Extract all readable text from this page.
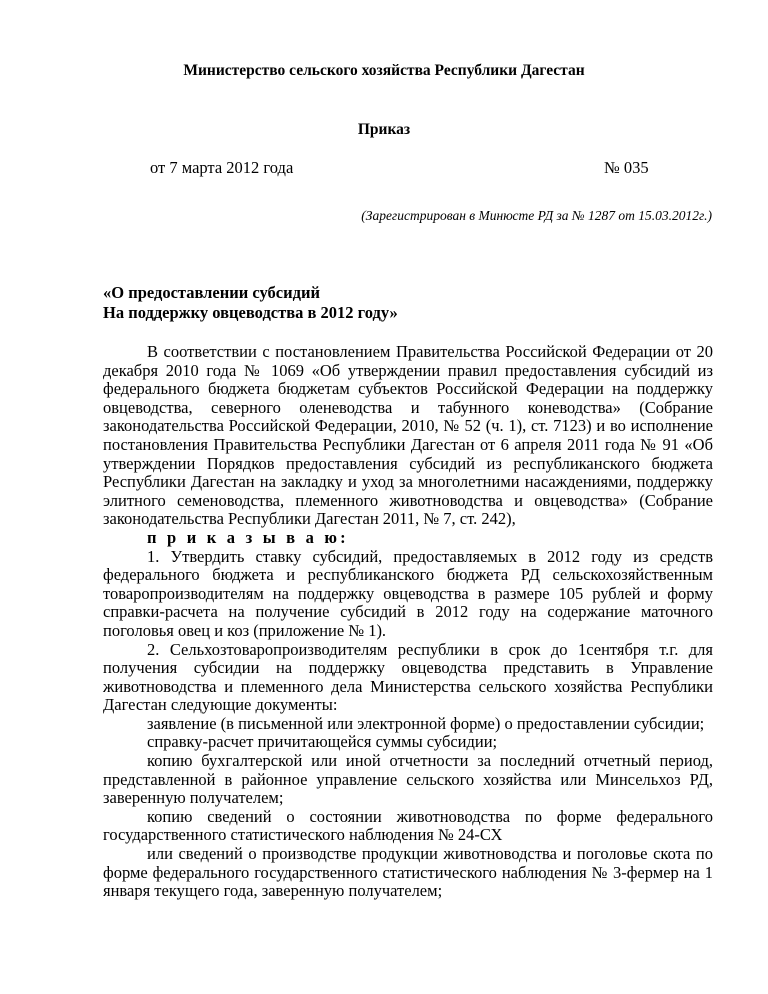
Министерство сельского хозяйства Республики Дагестан
Приказ
от 7 марта 2012 года	№ 035
(Зарегистрирован в Минюсте РД за № 1287 от 15.03.2012г.)
«О предоставлении субсидий
На поддержку овцеводства в 2012 году»

В соответствии с постановлением Правительства Российской Федерации от 20 декабря 2010 года № 1069 «Об утверждении правил предоставления субсидий из федерального бюджета бюджетам субъектов Российской Федерации на поддержку овцеводства, северного оленеводства и табунного коневодства» (Собрание законодательства Российской Федерации, 2010, № 52 (ч. 1), ст. 7123) и во исполнение постановления Правительства Республики Дагестан от 6 апреля 2011 года № 91 «Об утверждении Порядков предоставления субсидий из республиканского бюджета Республики Дагестан на закладку и уход за многолетними насаждениями, поддержку элитного семеноводства, племенного животноводства и овцеводства» (Собрание законодательства Республики Дагестан 2011, № 7, ст. 242),

п р и к а з ы в а ю:

1. Утвердить ставку субсидий, предоставляемых в 2012 году из средств федерального бюджета и республиканского бюджета РД сельскохозяйственным товаропроизводителям на поддержку овцеводства в размере 105 рублей и форму справки-расчета на получение субсидий в 2012 году на содержание маточного поголовья овец и коз (приложение № 1).

2. Сельхозтоваропроизводителям республики в срок до 1сентября т.г. для получения субсидии на поддержку овцеводства представить в Управление животноводства и племенного дела Министерства сельского хозяйства Республики Дагестан следующие документы:

заявление (в письменной или электронной форме) о предоставлении субсидии;

справку-расчет причитающейся суммы субсидии;

копию бухгалтерской или иной отчетности за последний отчетный период, представленной в районное управление сельского хозяйства или Минсельхоз РД, заверенную получателем;

копию сведений о состоянии животноводства по форме федерального государственного статистического наблюдения № 24-СХ

или сведений о производстве продукции животноводства и поголовье скота по форме федерального государственного статистического наблюдения № 3-фермер на 1 января текущего года, заверенную получателем;
